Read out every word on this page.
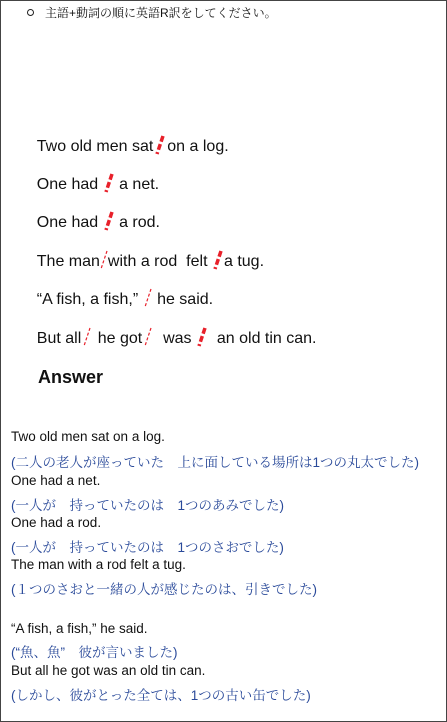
主語+動詞の順に英語R訳をしてください。

Two old men sat on a log.

One had a net.

One had a rod.

The man with a rod  felt a tug.

“A fish, a fish,” he said.

But all he got was an old tin can.

Answer
Two old men sat on a log.
(二人の老人が座っていた　上に面している場所は1つの丸太でした)
One had a net.
(一人が　持っていたのは　1つのあみでした)
One had a rod.
(一人が　持っていたのは　1つのさおでした)
The man with a rod felt a tug.
(１つのさおと一緒の人が感じたのは、引きでした)
“A fish, a fish,” he said.
(“魚、魚”　彼が言いました)
But all he got was an old tin can.
(しかし、彼がとった全ては、1つの古い缶でした)
